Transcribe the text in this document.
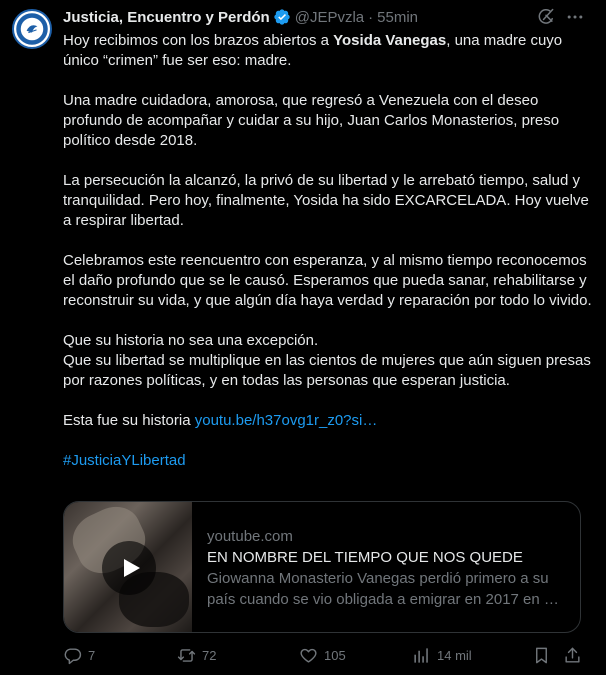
Justicia, Encuentro y Perdón @JEPvzla · 55min
Hoy recibimos con los brazos abiertos a Yosida Vanegas, una madre cuyo único “crimen” fue ser eso: madre.
Una madre cuidadora, amorosa, que regresó a Venezuela con el deseo profundo de acompañar y cuidar a su hijo, Juan Carlos Monasterios, preso político desde 2018.
La persecución la alcanzó, la privó de su libertad y le arrebató tiempo, salud y tranquilidad. Pero hoy, finalmente, Yosida ha sido EXCARCELADA. Hoy vuelve a respirar libertad.
Celebramos este reencuentro con esperanza, y al mismo tiempo reconocemos el daño profundo que se le causó. Esperamos que pueda sanar, rehabilitarse y reconstruir su vida, y que algún día haya verdad y reparación por todo lo vivido.
Que su historia no sea una excepción.
Que su libertad se multiplique en las cientos de mujeres que aún siguen presas por razones políticas, y en todas las personas que esperan justicia.
Esta fue su historia youtu.be/h37ovg1r_z0?si…
#JusticiaYLibertad
youtube.com
EN NOMBRE DEL TIEMPO QUE NOS QUEDE
Giowanna Monasterio Vanegas perdió primero a su país cuando se vio obligada a emigrar en 2017 en …
7	72	105	14 mil
